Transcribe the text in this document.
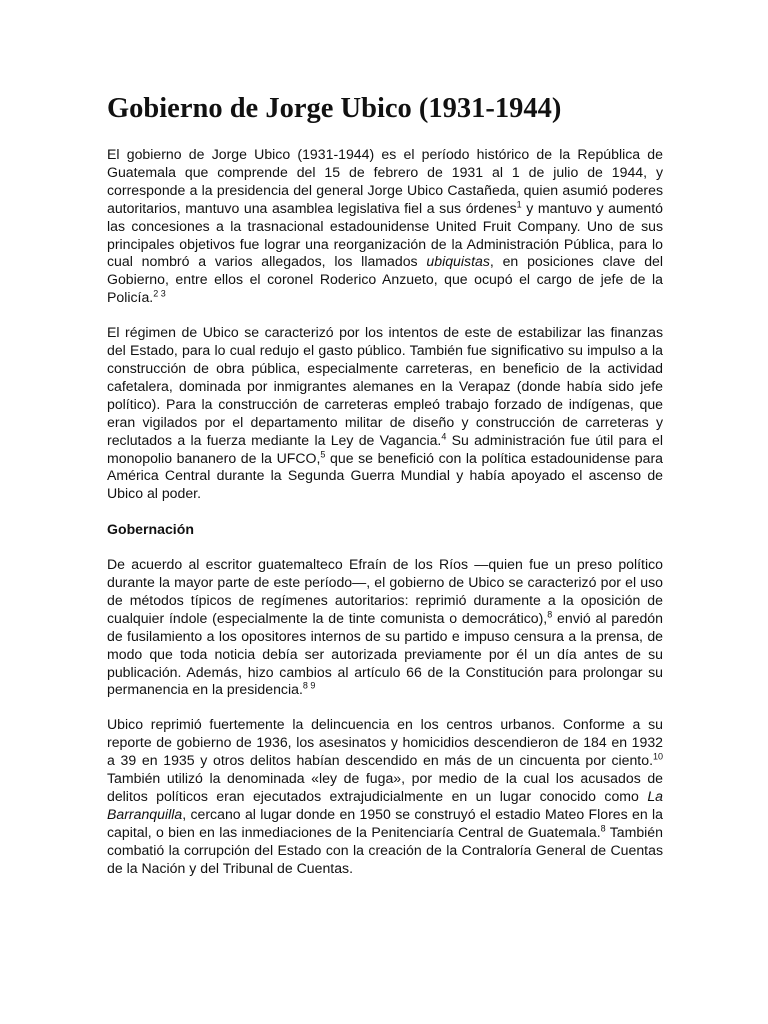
Gobierno de Jorge Ubico (1931-1944)

El gobierno de Jorge Ubico (1931-1944) es el período histórico de la República de Guatemala que comprende del 15 de febrero de 1931 al 1 de julio de 1944, y corresponde a la presidencia del general Jorge Ubico Castañeda, quien asumió poderes autoritarios, mantuvo una asamblea legislativa fiel a sus órdenes$^1$ y mantuvo y aumentó las concesiones a la trasnacional estadounidense United Fruit Company. Uno de sus principales objetivos fue lograr una reorganización de la Administración Pública, para lo cual nombró a varios allegados, los llamados ubiquistas, en posiciones clave del Gobierno, entre ellos el coronel Roderico Anzueto, que ocupó el cargo de jefe de la Policía.$^{2 3}$

El régimen de Ubico se caracterizó por los intentos de este de estabilizar las finanzas del Estado, para lo cual redujo el gasto público. También fue significativo su impulso a la construcción de obra pública, especialmente carreteras, en beneficio de la actividad cafetalera, dominada por inmigrantes alemanes en la Verapaz (donde había sido jefe político). Para la construcción de carreteras empleó trabajo forzado de indígenas, que eran vigilados por el departamento militar de diseño y construcción de carreteras y reclutados a la fuerza mediante la Ley de Vagancia.$^4$ Su administración fue útil para el monopolio bananero de la UFCO,$^5$ que se benefició con la política estadounidense para América Central durante la Segunda Guerra Mundial y había apoyado el ascenso de Ubico al poder.

Gobernación

De acuerdo al escritor guatemalteco Efraín de los Ríos —quien fue un preso político durante la mayor parte de este período—, el gobierno de Ubico se caracterizó por el uso de métodos típicos de regímenes autoritarios: reprimió duramente a la oposición de cualquier índole (especialmente la de tinte comunista o democrático),$^8$ envió al paredón de fusilamiento a los opositores internos de su partido e impuso censura a la prensa, de modo que toda noticia debía ser autorizada previamente por él un día antes de su publicación. Además, hizo cambios al artículo 66 de la Constitución para prolongar su permanencia en la presidencia.$^{8 9}$

Ubico reprimió fuertemente la delincuencia en los centros urbanos. Conforme a su reporte de gobierno de 1936, los asesinatos y homicidios descendieron de 184 en 1932 a 39 en 1935 y otros delitos habían descendido en más de un cincuenta por ciento.$^{10}$ También utilizó la denominada «ley de fuga», por medio de la cual los acusados de delitos políticos eran ejecutados extrajudicialmente en un lugar conocido como La Barranquilla, cercano al lugar donde en 1950 se construyó el estadio Mateo Flores en la capital, o bien en las inmediaciones de la Penitenciaría Central de Guatemala.$^8$ También combatió la corrupción del Estado con la creación de la Contraloría General de Cuentas de la Nación y del Tribunal de Cuentas.
